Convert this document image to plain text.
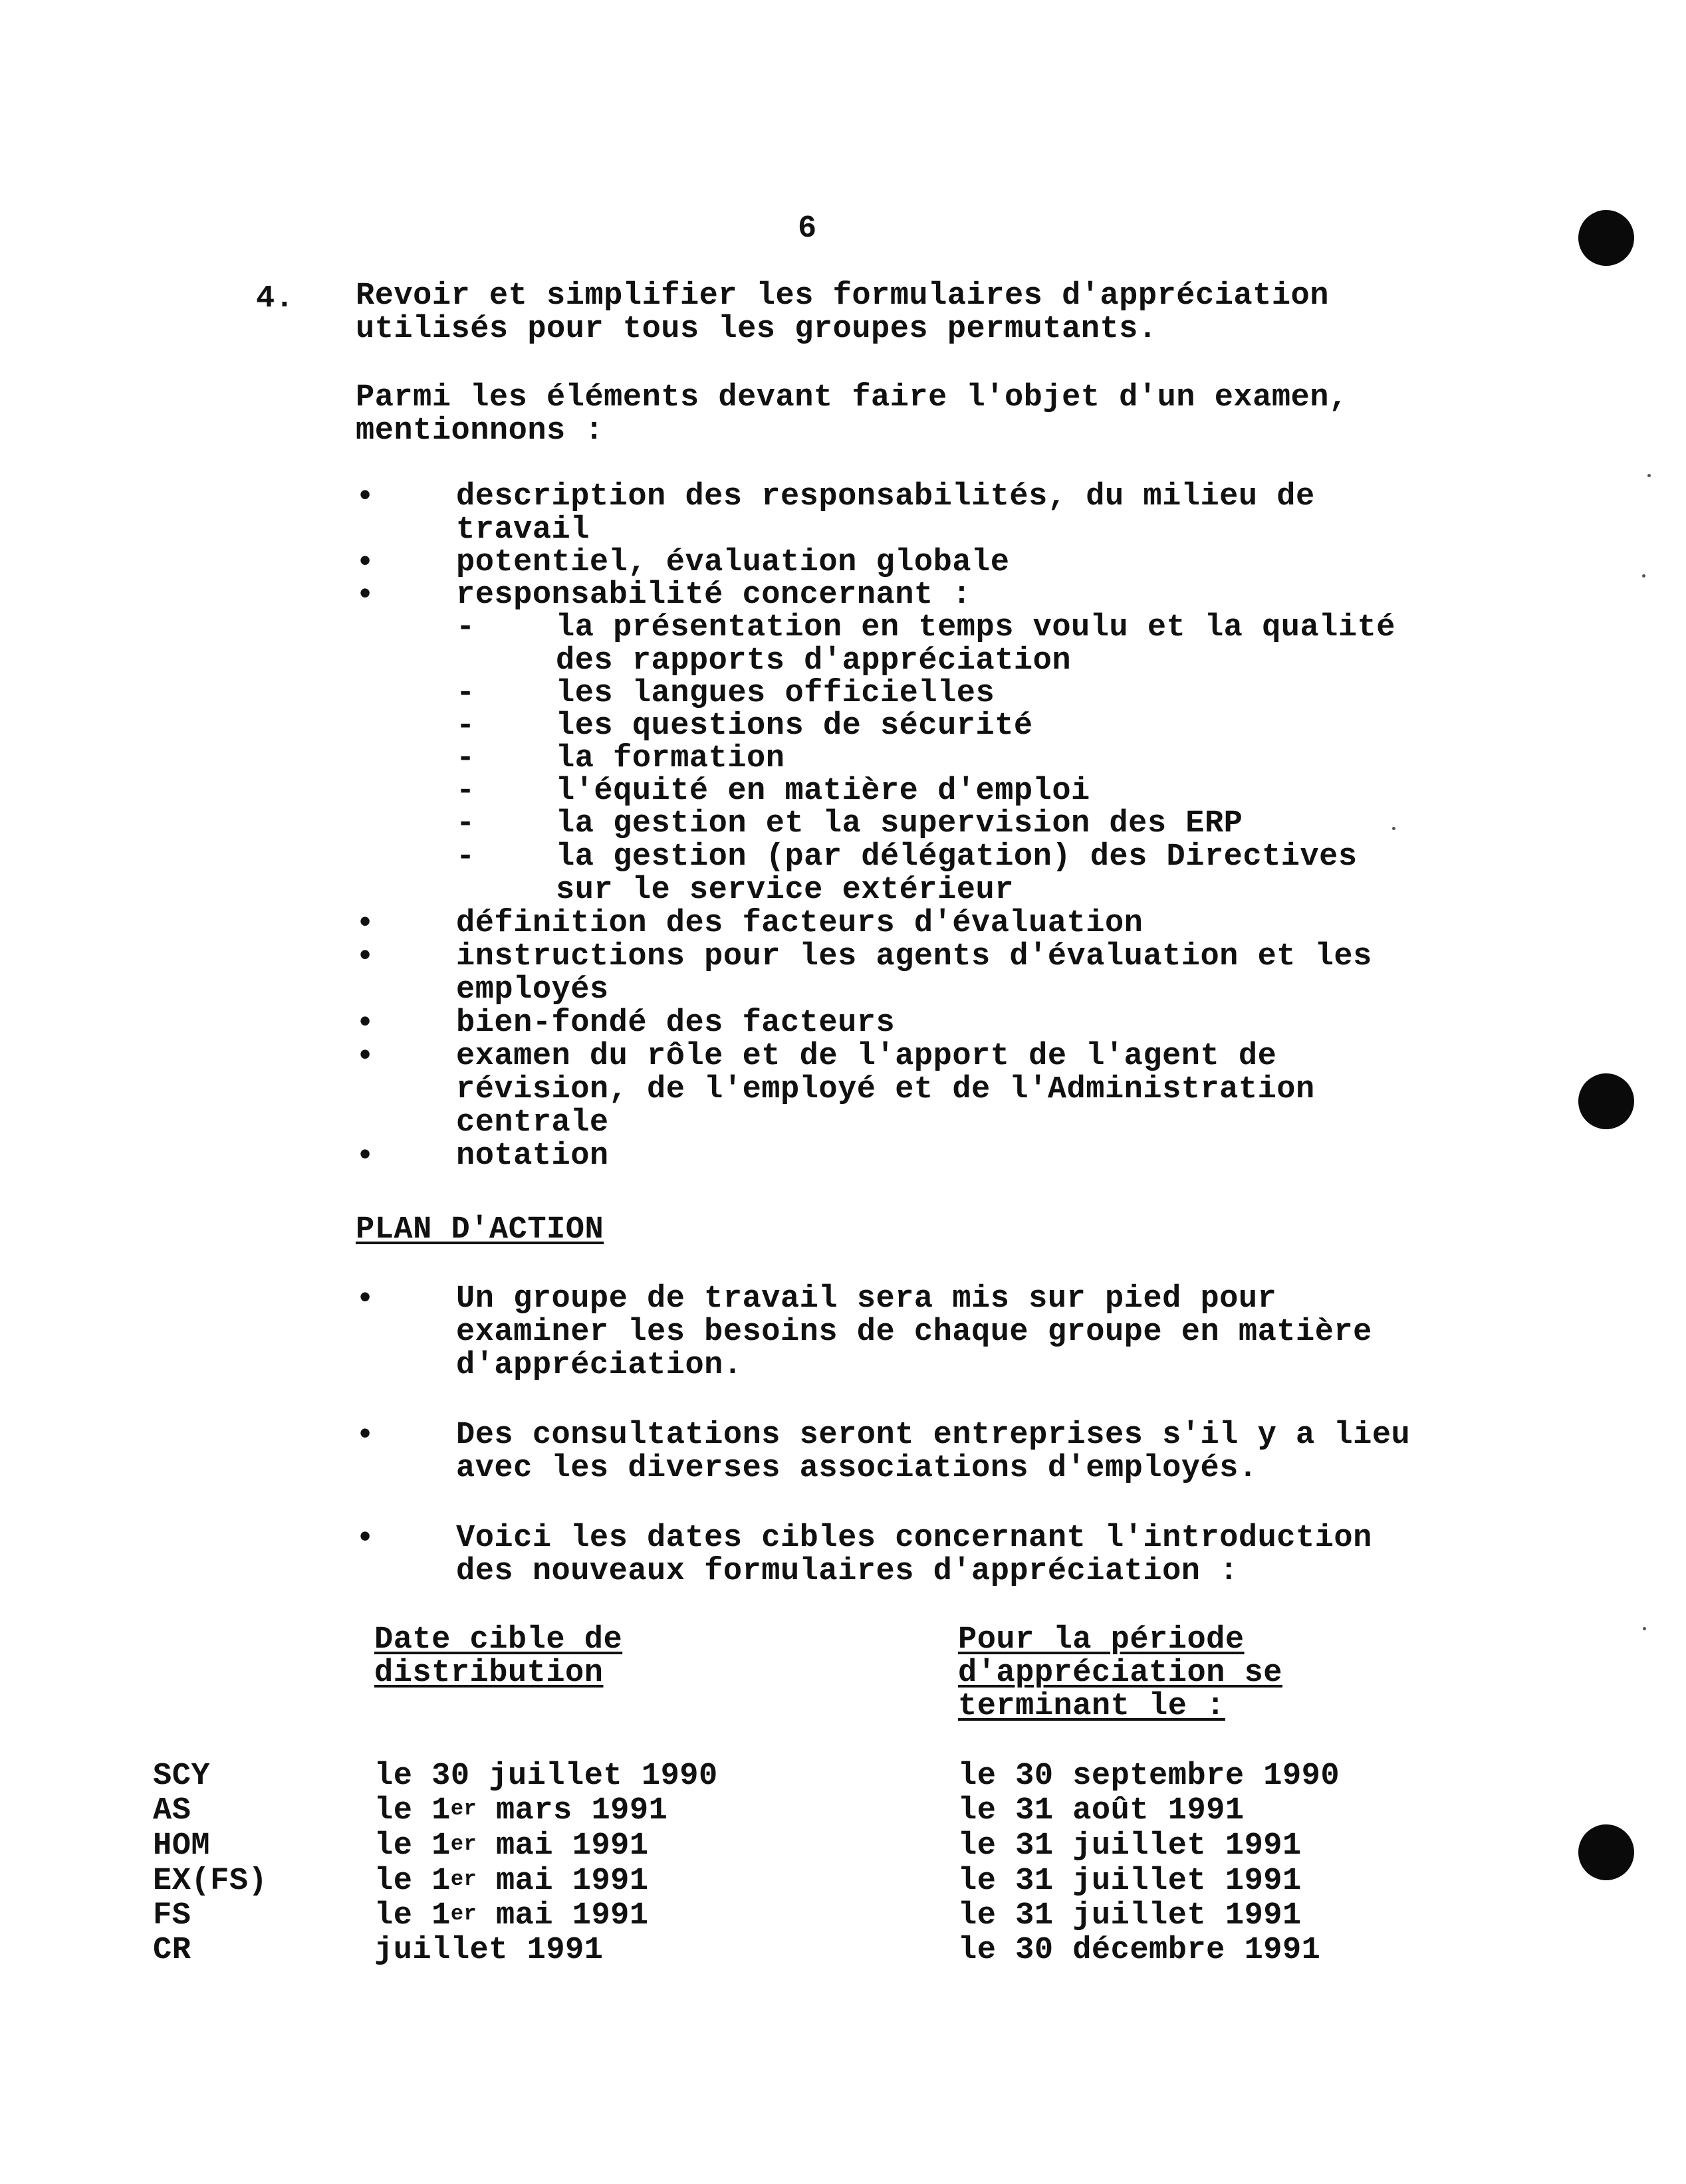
6
4. Revoir et simplifier les formulaires d'appréciation
utilisés pour tous les groupes permutants.
Parmi les éléments devant faire l'objet d'un examen,
mentionnons :
•	description des responsabilités, du milieu de
travail
•	potentiel, évaluation globale
•	responsabilité concernant :
-	la présentation en temps voulu et la qualité
des rapports d'appréciation
-	les langues officielles
-	les questions de sécurité
-	la formation
-	l'équité en matière d'emploi
-	la gestion et la supervision des ERP
-	la gestion (par délégation) des Directives
sur le service extérieur
•	définition des facteurs d'évaluation
•	instructions pour les agents d'évaluation et les
employés
•	bien-fondé des facteurs
•	examen du rôle et de l'apport de l'agent de
révision, de l'employé et de l'Administration
centrale
•	notation
PLAN D'ACTION
•	Un groupe de travail sera mis sur pied pour
examiner les besoins de chaque groupe en matière
d'appréciation.
•	Des consultations seront entreprises s'il y a lieu
avec les diverses associations d'employés.
•	Voici les dates cibles concernant l'introduction
des nouveaux formulaires d'appréciation :
Date cible de
distribution
Pour la période
d'appréciation se
terminant le :
SCY	le 30 juillet 1990	le 30 septembre 1990
AS	le 1er mars 1991	le 31 août 1991
HOM	le 1er mai 1991	le 31 juillet 1991
EX(FS)	le 1er mai 1991	le 31 juillet 1991
FS	le 1er mai 1991	le 31 juillet 1991
CR	juillet 1991	le 30 décembre 1991
